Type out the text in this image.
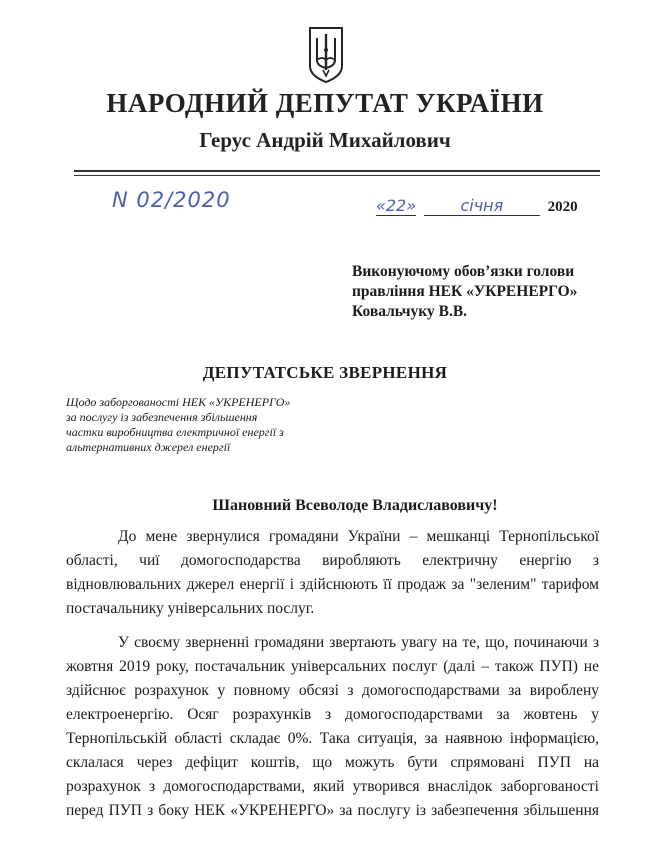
НАРОДНИЙ ДЕПУТАТ УКРАЇНИ
Герус Андрій Михайлович
N 02/2020	«22»	січня	2020
Виконуючому обов’язки голови
правління НЕК «УКРЕНЕРГО»
Ковальчуку В.В.
ДЕПУТАТСЬКЕ ЗВЕРНЕННЯ
Щодо заборгованості НЕК «УКРЕНЕРГО»
за послугу із забезпечення збільшення
частки виробництва електричної енергії з
альтернативних джерел енергії
Шановний Всеволоде Владиславовичу!
До мене звернулися громадяни України – мешканці Тернопільської
області, чиї домогосподарства виробляють електричну енергію з
відновлювальних джерел енергії і здійснюють її продаж за "зеленим" тарифом
постачальнику універсальних послуг.
У своєму зверненні громадяни звертають увагу на те, що, починаючи з
жовтня 2019 року, постачальник універсальних послуг (далі – також ПУП) не
здійснює розрахунок у повному обсязі з домогосподарствами за вироблену
електроенергію. Осяг розрахунків з домогосподарствами за жовтень у
Тернопільській області складає 0%. Така ситуація, за наявною інформацією,
склалася через дефіцит коштів, що можуть бути спрямовані ПУП на
розрахунок з домогосподарствами, який утворився внаслідок заборгованості
перед ПУП з боку НЕК «УКРЕНЕРГО» за послугу із забезпечення збільшення
